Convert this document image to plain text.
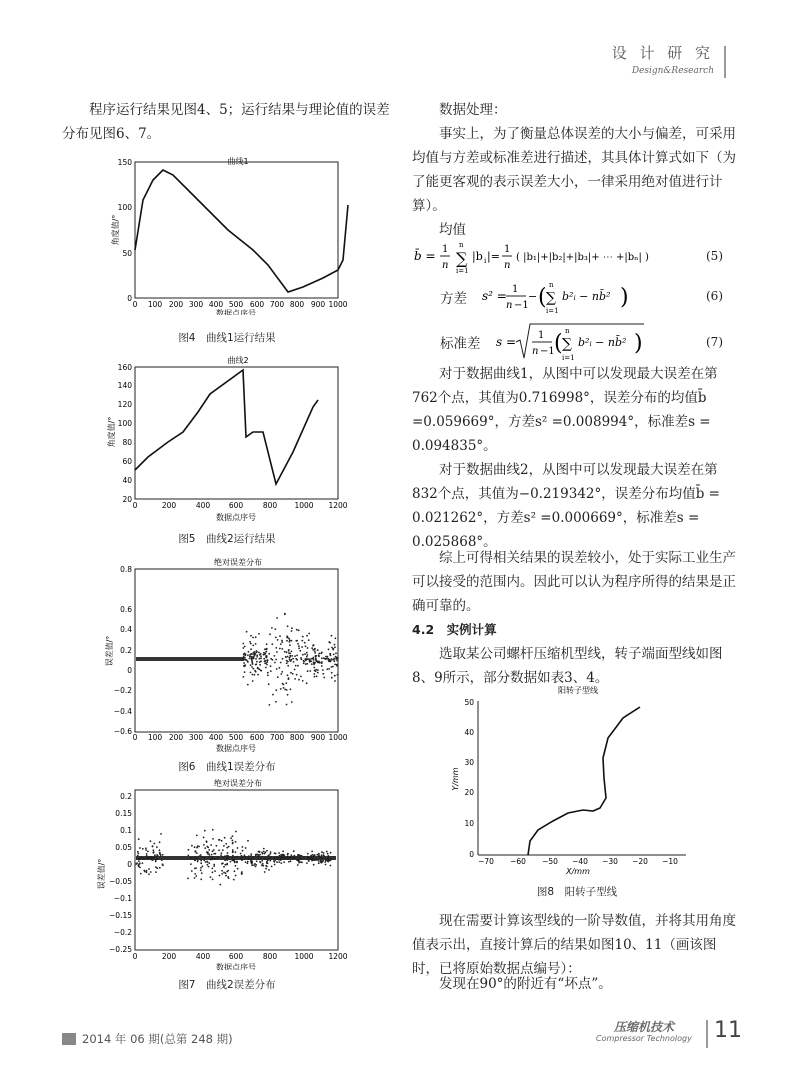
设 计 研 究
Design&Research

程序运行结果见图4、5；运行结果与理论值的误差分布见图6、7。

曲线1
0 100 200 300 400 500 600 700 800 900 1000
0
50
100
150
数据点序号
角度值/°
图4　曲线1运行结果
曲线2
0	200	400 600	800 1000 1200
20
40
60
80
100
120
140
160
数据点序号
角度值/°
图5　曲线2运行结果
绝对误差分布
0 100 200 300 400 500 600 700 800 900 1000
−0.6
−0.4
−0.2
0
0.2
0.4
0.6
0.8
数据点序号
误差值/°
图6　曲线1误差分布
绝对误差分布
0	200	400 600	800 1000 1200
−0.25
−0.2
−0.15
−0.1
−0.05
0
0.05
0.1
0.15
0.2
数据点序号
误差值/°
图7　曲线2误差分布

数据处理：

事实上，为了衡量总体误差的大小与偏差，可采用均值与方差或标准差进行描述，其具体计算式如下（为了能更客观的表示误差大小，一律采用绝对值进行计算）。

均值

b̄ = 1
n ∑
n
i=1
|b i |=
1
n
( |b₁|+|b₂|+|b₃|+ ⋯ +|bₙ| )	(5)
方差 s² = 1
n −1
− ( ∑
n
i=1
b²ᵢ − nb̄² )	(6)
标准差 s = 1
n −1 ( ∑
n
i=1
b²ᵢ − nb̄² )	(7)

对于数据曲线1，从图中可以发现最大误差在第762个点，其值为0.716998°，误差分布的均值b̄ =0.059669°，方差s² =0.008994°，标准差s = 0.094835°。

对于数据曲线2，从图中可以发现最大误差在第832个点，其值为−0.219342°，误差分布均值b̄ = 0.021262°，方差s² =0.000669°，标准差s = 0.025868°。

综上可得相关结果的误差较小，处于实际工业生产可以接受的范围内。因此可以认为程序所得的结果是正确可靠的。

4.2　实例计算

选取某公司螺杆压缩机型线，转子端面型线如图8、9所示，部分数据如表3、4。

阳转子型线
−70 −60 −50 −40 −30 −20 −10
0
10
20
30
40
50
X/mm
Y/mm
图8　阳转子型线

现在需要计算该型线的一阶导数值，并将其用角度值表示出，直接计算后的结果如图10、11（画该图时，已将原始数据点编号）：

发现在90°的附近有“坏点”。

2014 年 06 期(总第 248 期)
压缩机技术
Compressor Technology 11
